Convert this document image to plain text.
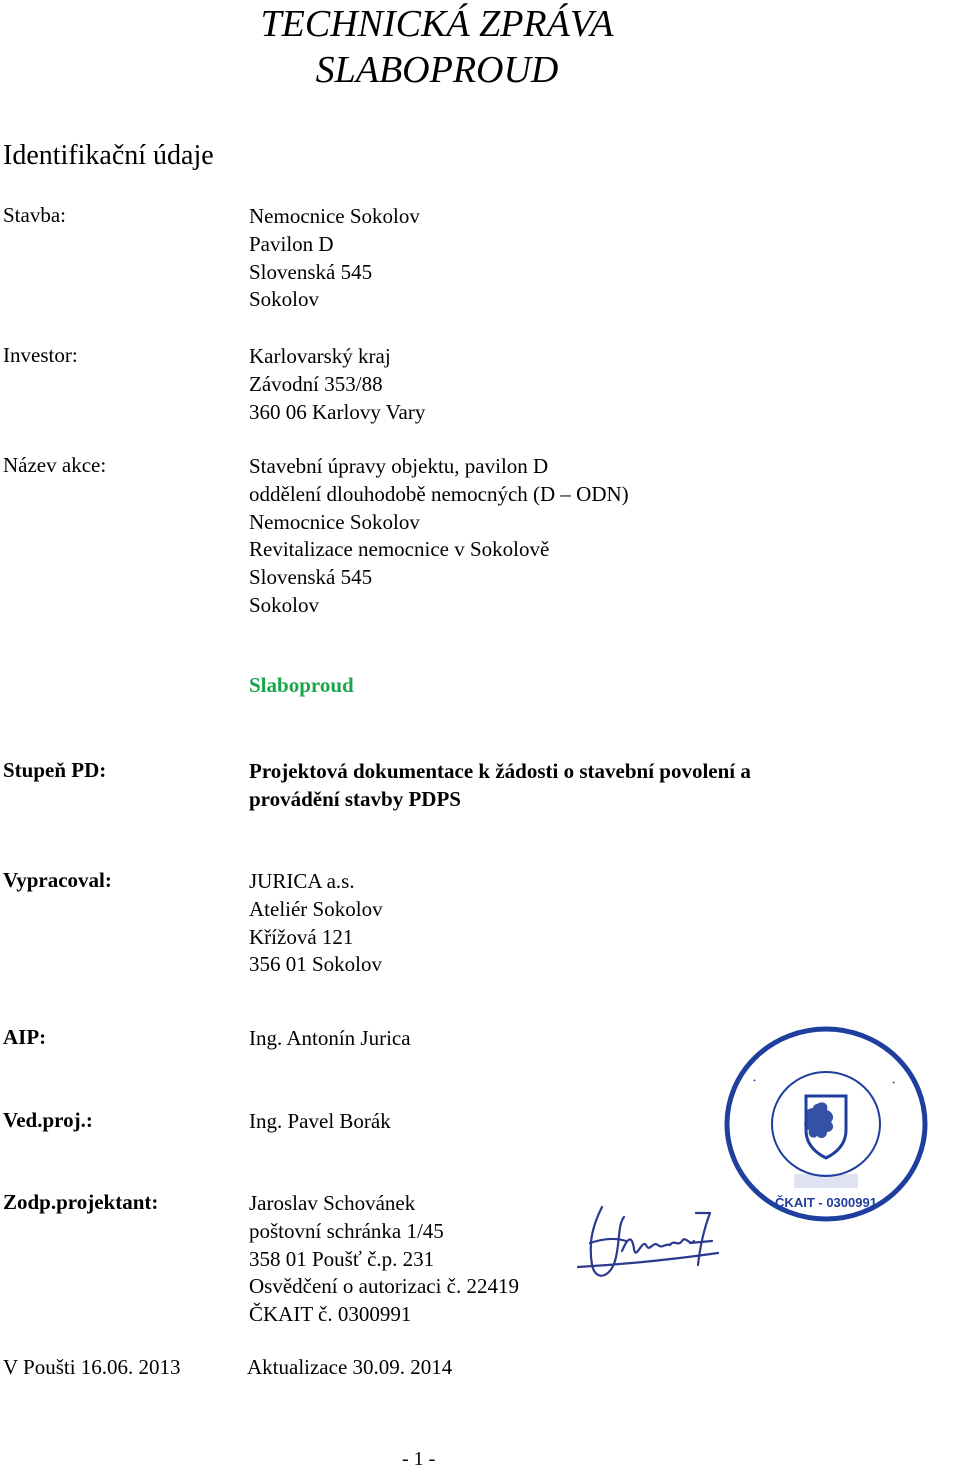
TECHNICKÁ ZPRÁVA
SLABOPROUD
Identifikační údaje
Stavba:	Nemocnice Sokolov
Pavilon D
Slovenská 545
Sokolov
Investor:	Karlovarský kraj
Závodní 353/88
360 06 Karlovy Vary
Název akce:	Stavební úpravy objektu, pavilon D
oddělení dlouhodobě nemocných (D – ODN)
Nemocnice Sokolov
Revitalizace nemocnice v Sokolově
Slovenská 545
Sokolov
Slaboproud
Stupeň PD:	Projektová dokumentace k žádosti o stavební povolení a
provádění stavby PDPS
Vypracoval:	JURICA a.s.
Ateliér Sokolov
Křížová 121
356 01 Sokolov
AIP:	Ing. Antonín Jurica
Ved.proj.:	Ing. Pavel Borák
Zodp.projektant:	Jaroslav Schovánek
poštovní schránka 1/45
358 01 Poušť č.p. 231
Osvědčení o autorizaci č. 22419
ČKAIT č. 0300991
·	·
ČKAIT - 0300991
V Poušti 16.06. 2013	Aktualizace 30.09. 2014
- 1 -
